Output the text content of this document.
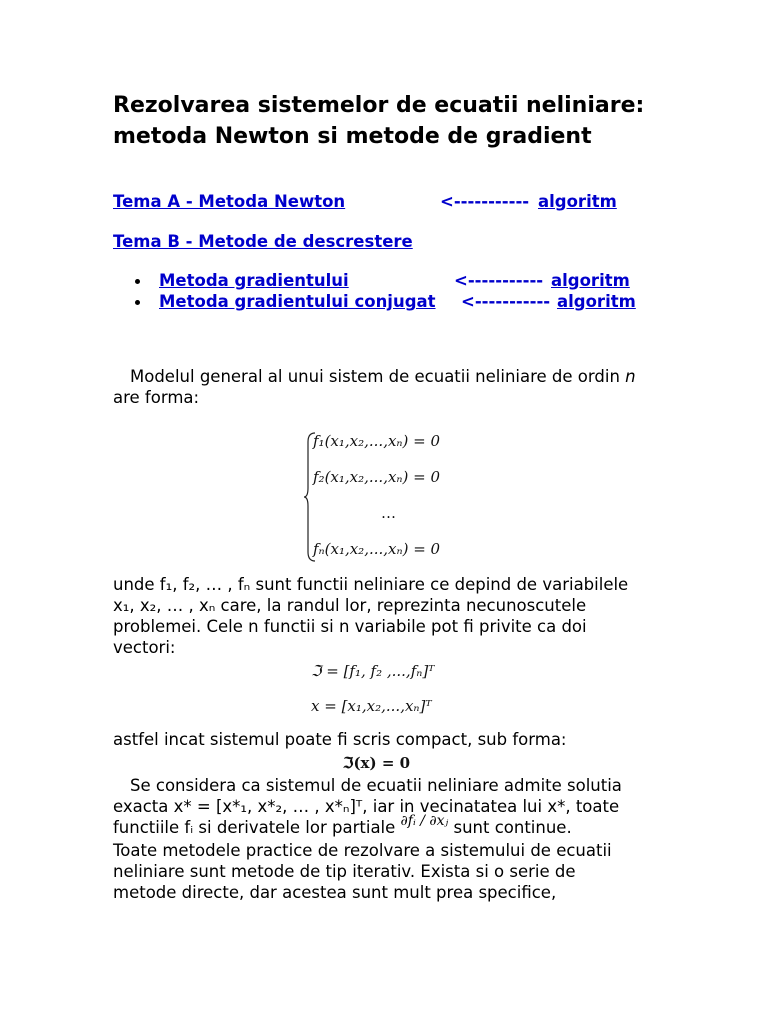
Rezolvarea sistemelor de ecuatii neliniare: metoda Newton si metode de gradient
Tema A - Metoda Newton	<----------- algoritm
Tema B - Metode de descrestere
Metoda gradientului	<----------- algoritm
Metoda gradientului conjugat <----------- algoritm

Modelul general al unui sistem de ecuatii neliniare de ordin n
are forma:

f₁(x₁,x₂,...,xₙ) = 0
f₂(x₁,x₂,...,xₙ) = 0
…
fₙ(x₁,x₂,...,xₙ) = 0

unde f₁, f₂, … , fₙ sunt functii neliniare ce depind de variabilele
x₁, x₂, … , xₙ care, la randul lor, reprezinta necunoscutele
problemei. Cele n functii si n variabile pot fi privite ca doi
vectori:

ℑ = [f₁, f₂ ,...,fₙ]ᵀ
x = [x₁,x₂,...,xₙ]ᵀ

astfel incat sistemul poate fi scris compact, sub forma:

ℑ(x) = 0

Se considera ca sistemul de ecuatii neliniare admite solutia
exacta x* = [x*₁, x*₂, … , x*ₙ]ᵀ, iar in vecinatatea lui x*, toate
functiile fᵢ si derivatele lor partiale $^{\partial fᵢ / \partial xⱼ}$ sunt continue.
Toate metodele practice de rezolvare a sistemului de ecuatii
neliniare sunt metode de tip iterativ. Exista si o serie de
metode directe, dar acestea sunt mult prea specifice,
